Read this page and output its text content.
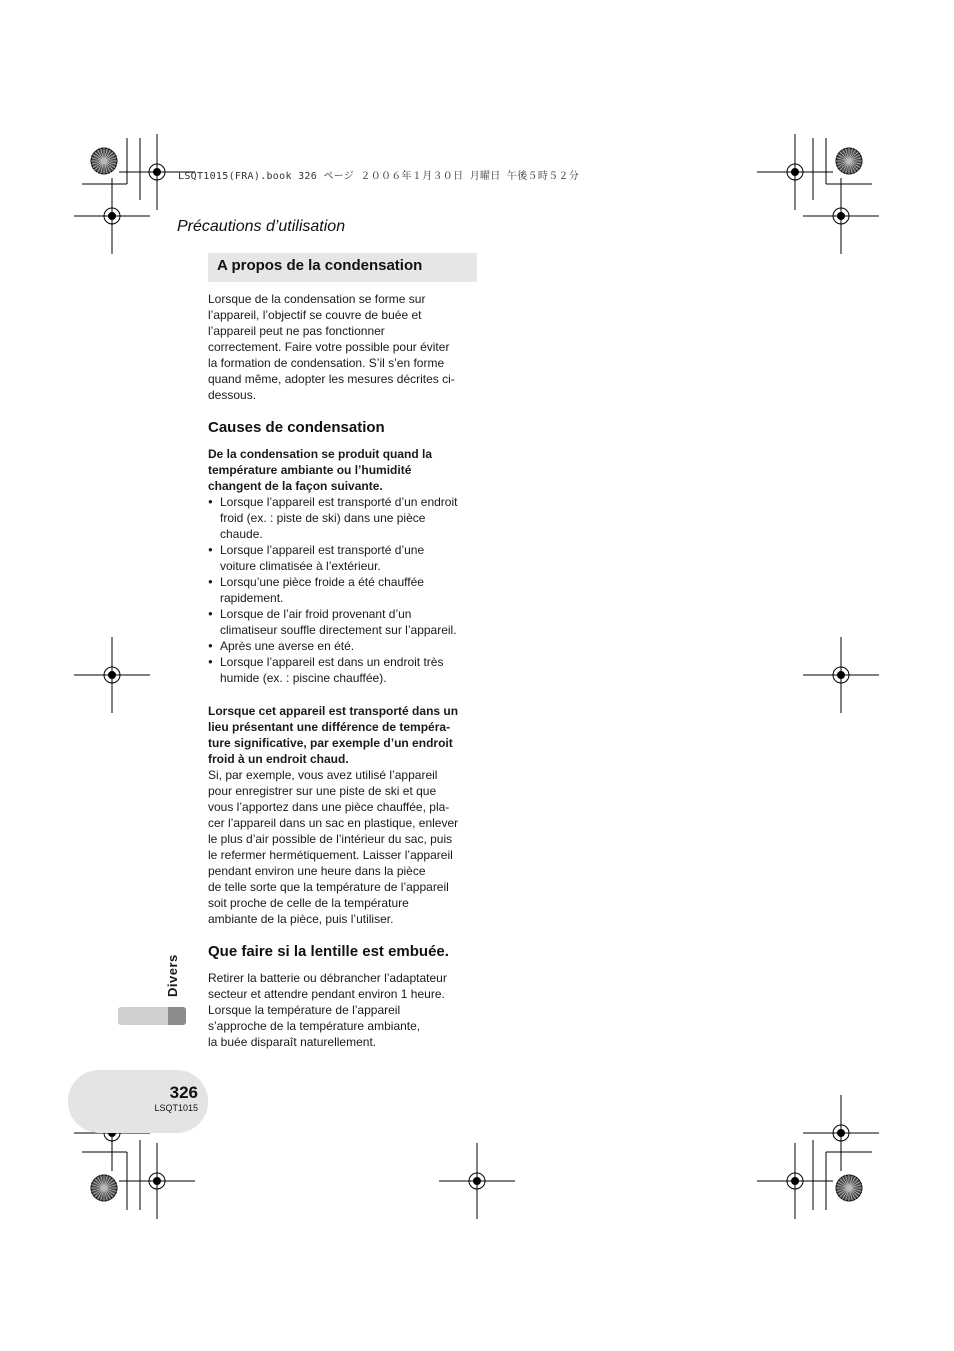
LSQT1015(FRA).book 326 ページ ２００６年１月３０日 月曜日 午後５時５２分
Précautions d’utilisation
A propos de la condensation
Lorsque de la condensation se forme sur
l’appareil, l’objectif se couvre de buée et
l’appareil peut ne pas fonctionner
correctement. Faire votre possible pour éviter
la formation de condensation. S’il s’en forme
quand même, adopter les mesures décrites ci-
dessous.
Causes de condensation
De la condensation se produit quand la
température ambiante ou l’humidité
changent de la façon suivante.
● Lorsque l’appareil est transporté d’un endroit
froid (ex. : piste de ski) dans une pièce
chaude.
● Lorsque l’appareil est transporté d’une
voiture climatisée à l’extérieur.
● Lorsqu’une pièce froide a été chauffée
rapidement.
● Lorsque de l’air froid provenant d’un
climatiseur souffle directement sur l’appareil.
● Après une averse en été.
● Lorsque l’appareil est dans un endroit très
humide (ex. : piscine chauffée).
Lorsque cet appareil est transporté dans un
lieu présentant une différence de tempéra-
ture significative, par exemple d’un endroit
froid à un endroit chaud.
Si, par exemple, vous avez utilisé l’appareil
pour enregistrer sur une piste de ski et que
vous l’apportez dans une pièce chauffée, pla-
cer l’appareil dans un sac en plastique, enlever
le plus d’air possible de l’intérieur du sac, puis
le refermer hermétiquement. Laisser l’appareil
pendant environ une heure dans la pièce
de telle sorte que la température de l’appareil
soit proche de celle de la température
ambiante de la pièce, puis l’utiliser.
Que faire si la lentille est embuée.
Retirer la batterie ou débrancher l’adaptateur
secteur et attendre pendant environ 1 heure.
Lorsque la température de l’appareil
s’approche de la température ambiante,
la buée disparaît naturellement.
Divers
326
LSQT1015
